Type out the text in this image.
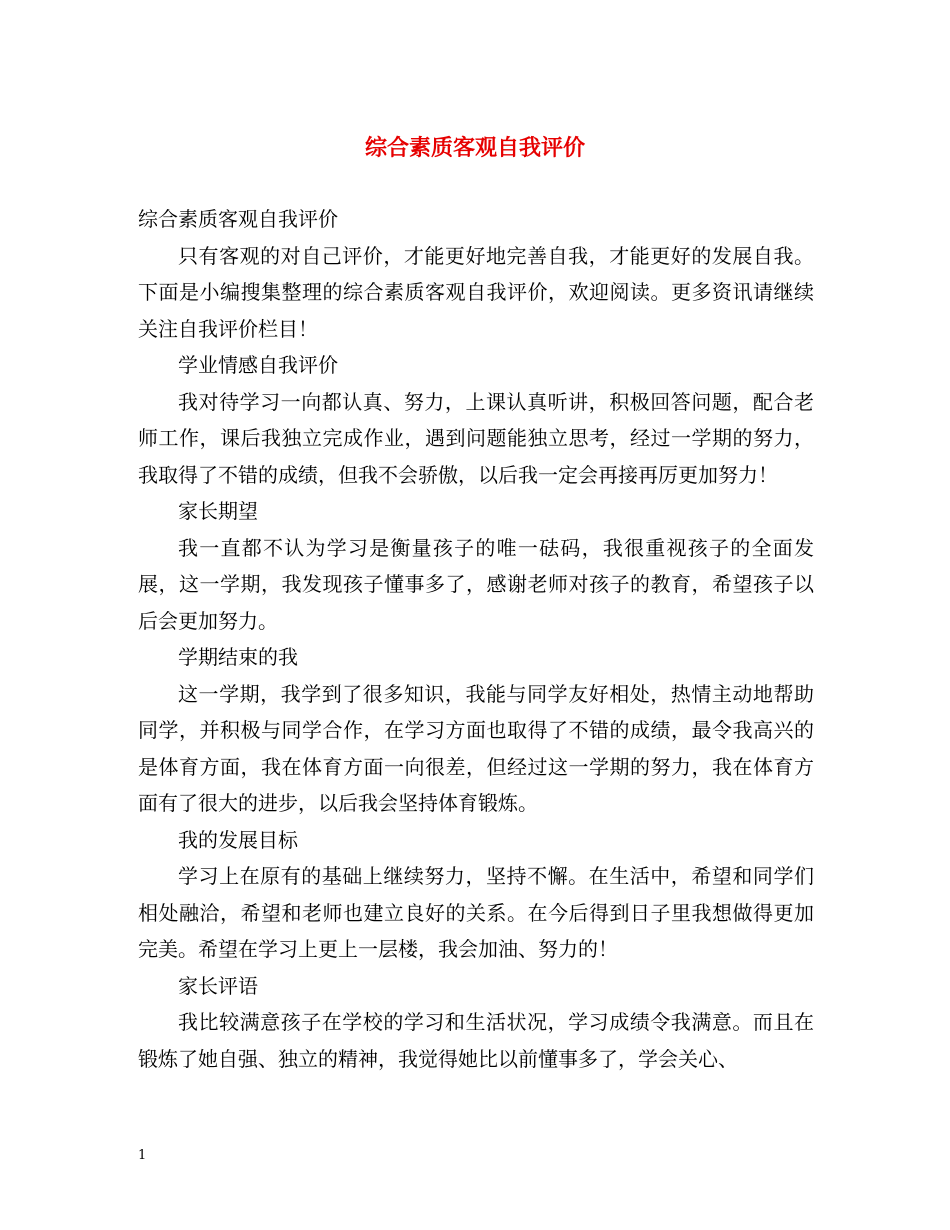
综合素质客观自我评价

综合素质客观自我评价

只有客观的对自己评价，才能更好地完善自我，才能更好的发展自我。下面是小编搜集整理的综合素质客观自我评价，欢迎阅读。更多资讯请继续关注自我评价栏目！

学业情感自我评价

我对待学习一向都认真、努力，上课认真听讲，积极回答问题，配合老师工作，课后我独立完成作业，遇到问题能独立思考，经过一学期的努力，我取得了不错的成绩，但我不会骄傲，以后我一定会再接再厉更加努力！

家长期望

我一直都不认为学习是衡量孩子的唯一砝码，我很重视孩子的全面发展，这一学期，我发现孩子懂事多了，感谢老师对孩子的教育，希望孩子以后会更加努力。

学期结束的我

这一学期，我学到了很多知识，我能与同学友好相处，热情主动地帮助同学，并积极与同学合作，在学习方面也取得了不错的成绩，最令我高兴的是体育方面，我在体育方面一向很差，但经过这一学期的努力，我在体育方面有了很大的进步，以后我会坚持体育锻炼。

我的发展目标

学习上在原有的基础上继续努力，坚持不懈。在生活中，希望和同学们相处融洽，希望和老师也建立良好的关系。在今后得到日子里我想做得更加完美。希望在学习上更上一层楼，我会加油、努力的！

家长评语

我比较满意孩子在学校的学习和生活状况，学习成绩令我满意。而且在锻炼了她自强、独立的精神，我觉得她比以前懂事多了，学会关心、

1
